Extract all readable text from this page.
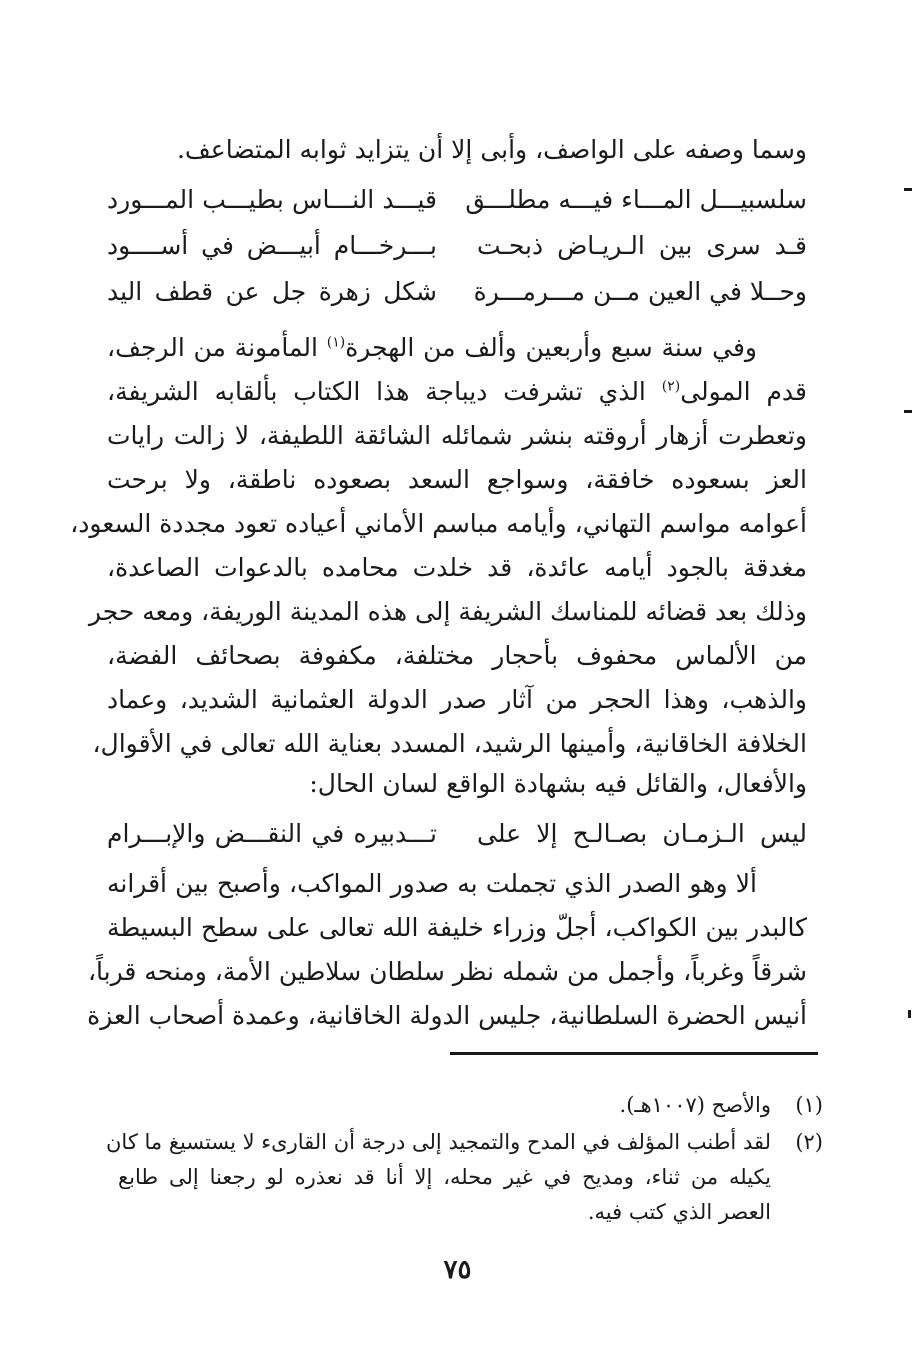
وسما وصفه على الواصف، وأبى إلا أن يتزايد ثوابه المتضاعف.
سلسبيـــل المـــاء فيـــه مطلـــق
قيـــد النـــاس بطيـــب المـــورد
قـد سرى بين الـريـاض ذبحـت
بـــرخـــام أبيـــض في أســــود
وحــلا في العين مــن مـــرمـــرة
شكل زهرة جل عن قطف اليد
وفي سنة سبع وأربعين وألف من الهجرة$^{(١)}$ المأمونة من الرجف،
قدم المولى$^{(٢)}$ الذي تشرفت ديباجة هذا الكتاب بألقابه الشريفة،
وتعطرت أزهار أروقته بنشر شمائله الشائقة اللطيفة، لا زالت رايات
العز بسعوده خافقة، وسواجع السعد بصعوده ناطقة، ولا برحت
أعوامه مواسم التهاني، وأيامه مباسم الأماني أعياده تعود مجددة السعود،
مغدقة بالجود أيامه عائدة، قد خلدت محامده بالدعوات الصاعدة،
وذلك بعد قضائه للمناسك الشريفة إلى هذه المدينة الوريفة، ومعه حجر
من الألماس محفوف بأحجار مختلفة، مكفوفة بصحائف الفضة،
والذهب، وهذا الحجر من آثار صدر الدولة العثمانية الشديد، وعماد
الخلافة الخاقانية، وأمينها الرشيد، المسدد بعناية الله تعالى في الأقوال،
والأفعال، والقائل فيه بشهادة الواقع لسان الحال:
ليس الـزمـان بصـالـح إلا على
تـــدبيره في النقـــض والإبـــرام
ألا وهو الصدر الذي تجملت به صدور المواكب، وأصبح بين أقرانه
كالبدر بين الكواكب، أجلّ وزراء خليفة الله تعالى على سطح البسيطة
شرقاً وغرباً، وأجمل من شمله نظر سلطان سلاطين الأمة، ومنحه قرباً،
أنيس الحضرة السلطانية، جليس الدولة الخاقانية، وعمدة أصحاب العزة
(١)
والأصح (١٠٠٧هـ).
(٢)
لقد أطنب المؤلف في المدح والتمجيد إلى درجة أن القارىء لا يستسيغ ما كان
يكيله من ثناء، ومديح في غير محله، إلا أنا قد نعذره لو رجعنا إلى طابع
العصر الذي كتب فيه.
٧٥
